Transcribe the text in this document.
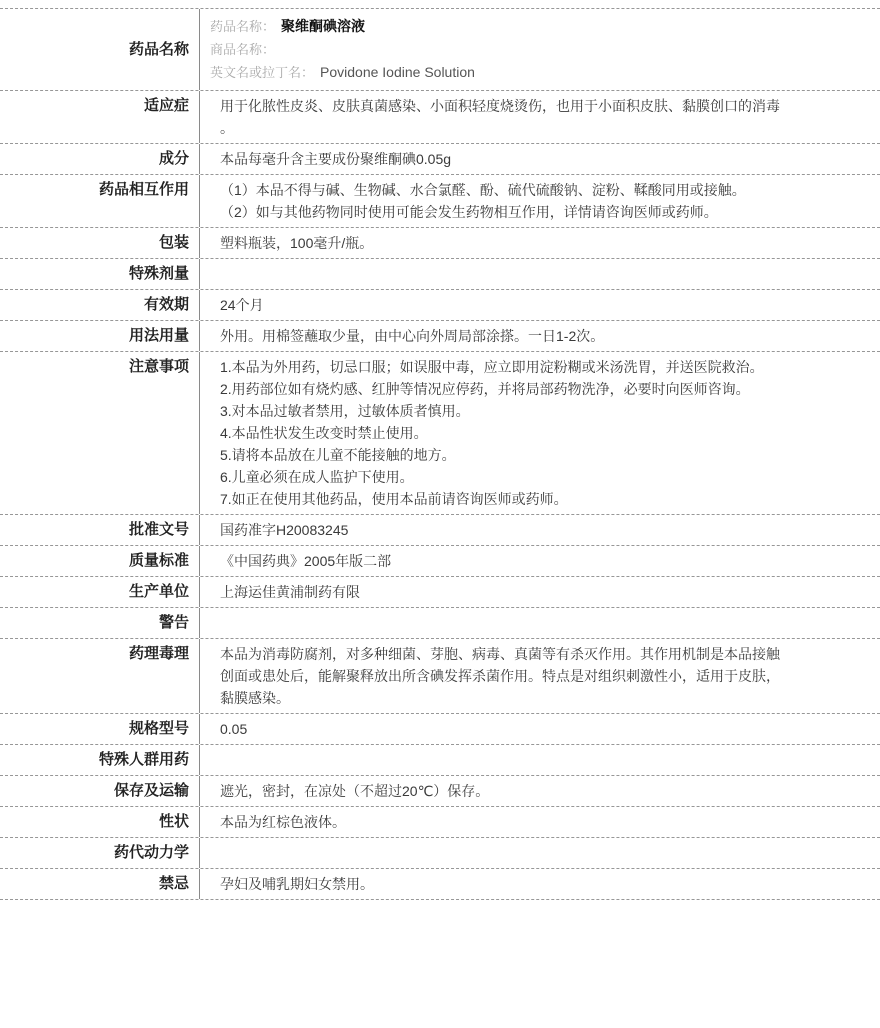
药品名称
药品名称： 聚维酮碘溶液
商品名称：
英文名或拉丁名： Povidone Iodine Solution
适应症	用于化脓性皮炎、皮肤真菌感染、小面积轻度烧烫伤，也用于小面积皮肤、黏膜创口的消毒
。
成分	本品每毫升含主要成份聚维酮碘0.05g
药品相互作用	（1）本品不得与碱、生物碱、水合氯醛、酚、硫代硫酸钠、淀粉、鞣酸同用或接触。
（2）如与其他药物同时使用可能会发生药物相互作用，详情请咨询医师或药师。
包装	塑料瓶装，100毫升/瓶。
特殊剂量
有效期	24个月
用法用量	外用。用棉签蘸取少量，由中心向外周局部涂搽。一日1-2次。
注意事项	1.本品为外用药，切忌口服；如误服中毒，应立即用淀粉糊或米汤洗胃，并送医院救治。
2.用药部位如有烧灼感、红肿等情况应停药，并将局部药物洗净，必要时向医师咨询。
3.对本品过敏者禁用，过敏体质者慎用。
4.本品性状发生改变时禁止使用。
5.请将本品放在儿童不能接触的地方。
6.儿童必须在成人监护下使用。
7.如正在使用其他药品，使用本品前请咨询医师或药师。
批准文号	国药准字H20083245
质量标准	《中国药典》2005年版二部
生产单位	上海运佳黄浦制药有限
警告
药理毒理	本品为消毒防腐剂，对多种细菌、芽胞、病毒、真菌等有杀灭作用。其作用机制是本品接触
创面或患处后，能解聚释放出所含碘发挥杀菌作用。特点是对组织刺激性小，适用于皮肤，
黏膜感染。
规格型号	0.05
特殊人群用药
保存及运输	遮光，密封，在凉处（不超过20℃）保存。
性状	本品为红棕色液体。
药代动力学
禁忌	孕妇及哺乳期妇女禁用。
